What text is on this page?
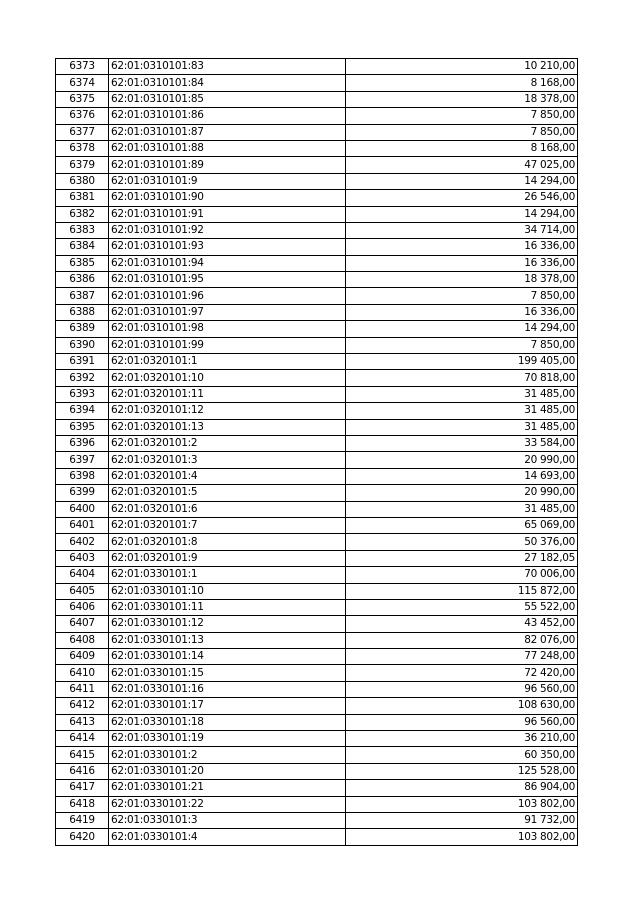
6373	62:01:0310101:83	10 210,00
6374	62:01:0310101:84	8 168,00
6375	62:01:0310101:85	18 378,00
6376	62:01:0310101:86	7 850,00
6377	62:01:0310101:87	7 850,00
6378	62:01:0310101:88	8 168,00
6379	62:01:0310101:89	47 025,00
6380	62:01:0310101:9	14 294,00
6381	62:01:0310101:90	26 546,00
6382	62:01:0310101:91	14 294,00
6383	62:01:0310101:92	34 714,00
6384	62:01:0310101:93	16 336,00
6385	62:01:0310101:94	16 336,00
6386	62:01:0310101:95	18 378,00
6387	62:01:0310101:96	7 850,00
6388	62:01:0310101:97	16 336,00
6389	62:01:0310101:98	14 294,00
6390	62:01:0310101:99	7 850,00
6391	62:01:0320101:1	199 405,00
6392	62:01:0320101:10	70 818,00
6393	62:01:0320101:11	31 485,00
6394	62:01:0320101:12	31 485,00
6395	62:01:0320101:13	31 485,00
6396	62:01:0320101:2	33 584,00
6397	62:01:0320101:3	20 990,00
6398	62:01:0320101:4	14 693,00
6399	62:01:0320101:5	20 990,00
6400	62:01:0320101:6	31 485,00
6401	62:01:0320101:7	65 069,00
6402	62:01:0320101:8	50 376,00
6403	62:01:0320101:9	27 182,05
6404	62:01:0330101:1	70 006,00
6405	62:01:0330101:10	115 872,00
6406	62:01:0330101:11	55 522,00
6407	62:01:0330101:12	43 452,00
6408	62:01:0330101:13	82 076,00
6409	62:01:0330101:14	77 248,00
6410	62:01:0330101:15	72 420,00
6411	62:01:0330101:16	96 560,00
6412	62:01:0330101:17	108 630,00
6413	62:01:0330101:18	96 560,00
6414	62:01:0330101:19	36 210,00
6415	62:01:0330101:2	60 350,00
6416	62:01:0330101:20	125 528,00
6417	62:01:0330101:21	86 904,00
6418	62:01:0330101:22	103 802,00
6419	62:01:0330101:3	91 732,00
6420	62:01:0330101:4	103 802,00
